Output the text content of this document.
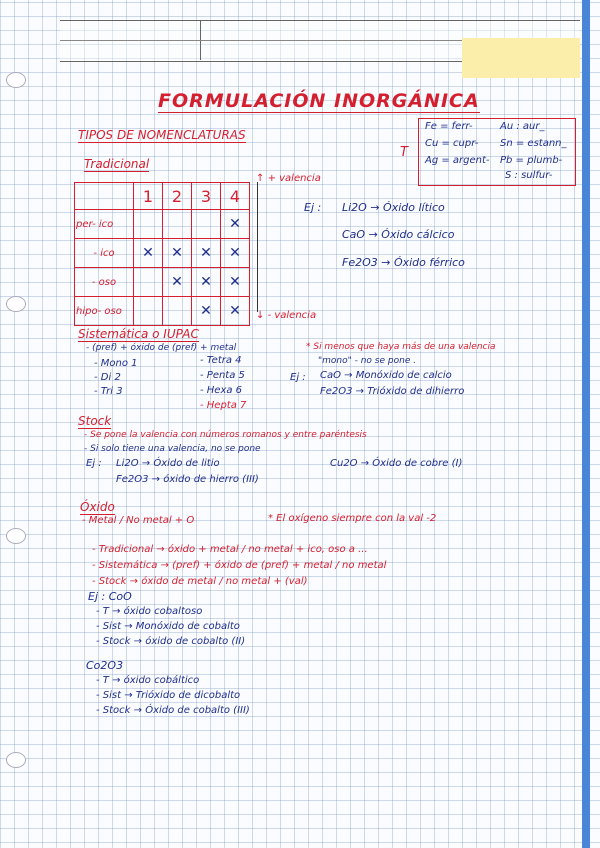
FORMULACIÓN INORGÁNICA
T
Fe = ferr-	Au : aur_
Cu = cupr- Sn = estann_
Ag = argent- Pb = plumb-
S : sulfur-
TIPOS DE NOMENCLATURAS
Tradicional
	1	2	3	4
per- ico				✕
- ico	✕	✕	✕	✕
- oso		✕	✕	✕
hipo- oso			✕	✕
↑ + valencia
↓ - valencia
Ej : Li2O → Óxido lítico
CaO → Óxido cálcico
Fe2O3 → Óxido férrico
Sistemática o IUPAC
- (pref) + óxido de (pref) + metal	* Si menos que haya más de una valencia
"mono" - no se pone .
- Mono 1
- Di 2
- Tri 3
- Tetra 4
- Penta 5
- Hexa 6
- Hepta 7
Ej : CaO → Monóxido de calcio
Fe2O3 → Trióxido de dihierro
Stock
- Se pone la valencia con números romanos y entre paréntesis
- Si solo tiene una valencia, no se pone
Ej : Li2O → Óxido de litio	Cu2O → Óxido de cobre (I)
Fe2O3 → óxido de hierro (III)
Óxido
- Metal / No metal + O	* El oxígeno siempre con la val -2
- Tradicional → óxido + metal / no metal + ico, oso a ...
- Sistemática → (pref) + óxido de (pref) + metal / no metal
- Stock → óxido de metal / no metal + (val)
Ej : CoO
- T → óxido cobaltoso
- Sist → Monóxido de cobalto
- Stock → óxido de cobalto (II)
Co2O3
- T → óxido cobáltico
- Sist → Trióxido de dicobalto
- Stock → Óxido de cobalto (III)
